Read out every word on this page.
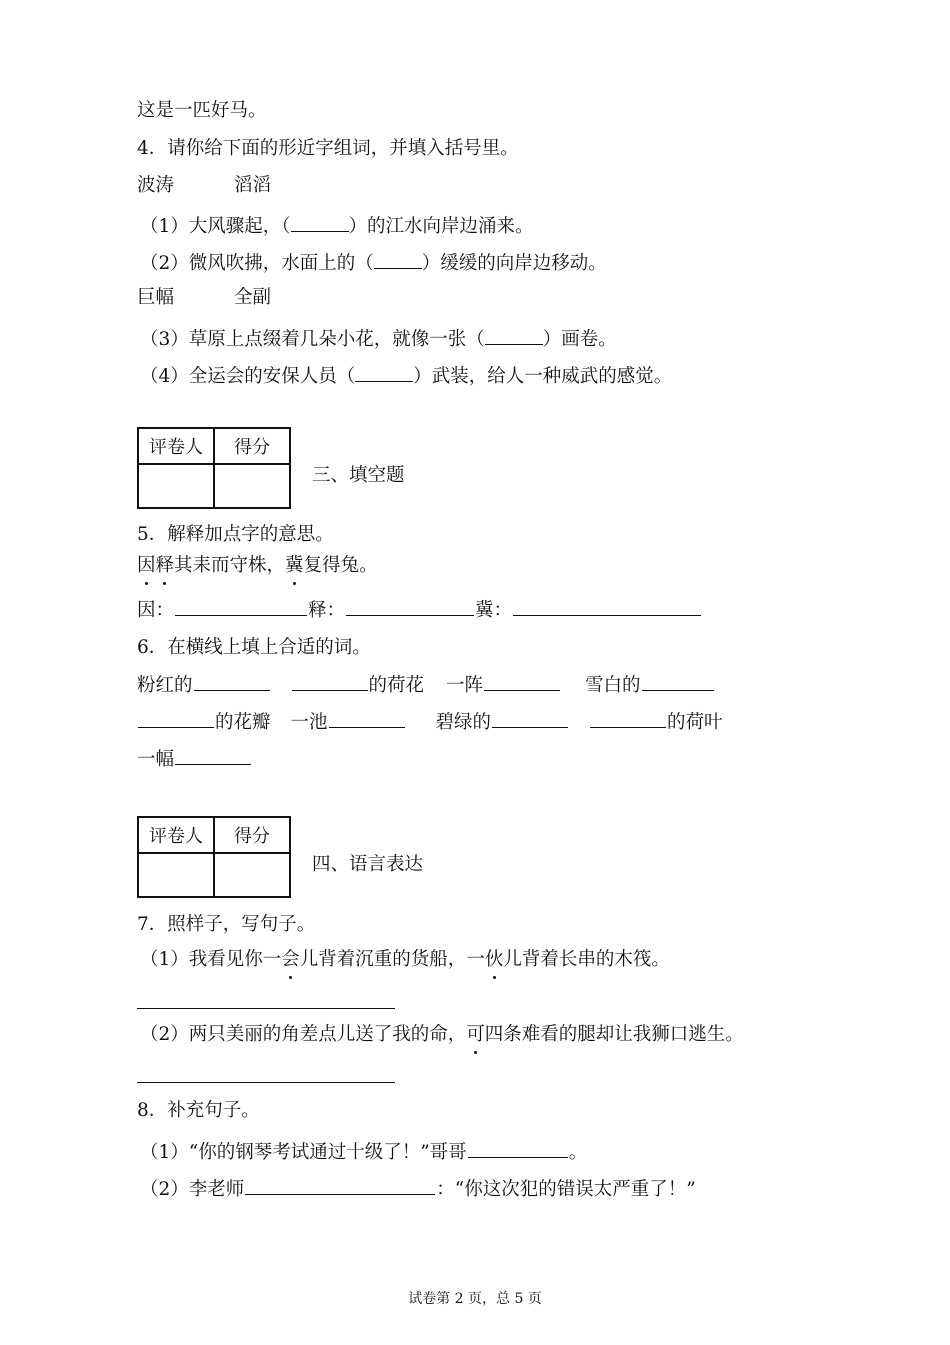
这是一匹好马。
4．请你给下面的形近字组词，并填入括号里。
波涛	滔滔
（1）大风骤起，（	）的江水向岸边涌来。
（2）微风吹拂，水面上的（	）缓缓的向岸边移动。
巨幅	全副
（3）草原上点缀着几朵小花，就像一张（	）画卷。
（4）全运会的安保人员（	）武装，给人一种威武的感觉。
评卷人	得分

三、填空题
5．解释加点字的意思。
因释其耒而守株，冀复得兔。
因：	释：	冀：
6．在横线上填上合适的词。
粉红的	的荷花 一阵	雪白的
的花瓣 一池	碧绿的	的荷叶
一幅
评卷人	得分

四、语言表达
7．照样子，写句子。
（1）我看见你一会儿背着沉重的货船，一伙儿背着长串的木筏。
（2）两只美丽的角差点儿送了我的命，可四条难看的腿却让我狮口逃生。
8．补充句子。
（1）“你的钢琴考试通过十级了！”哥哥	。
（2）李老师	：“你这次犯的错误太严重了！”
试卷第 2 页，总 5 页
